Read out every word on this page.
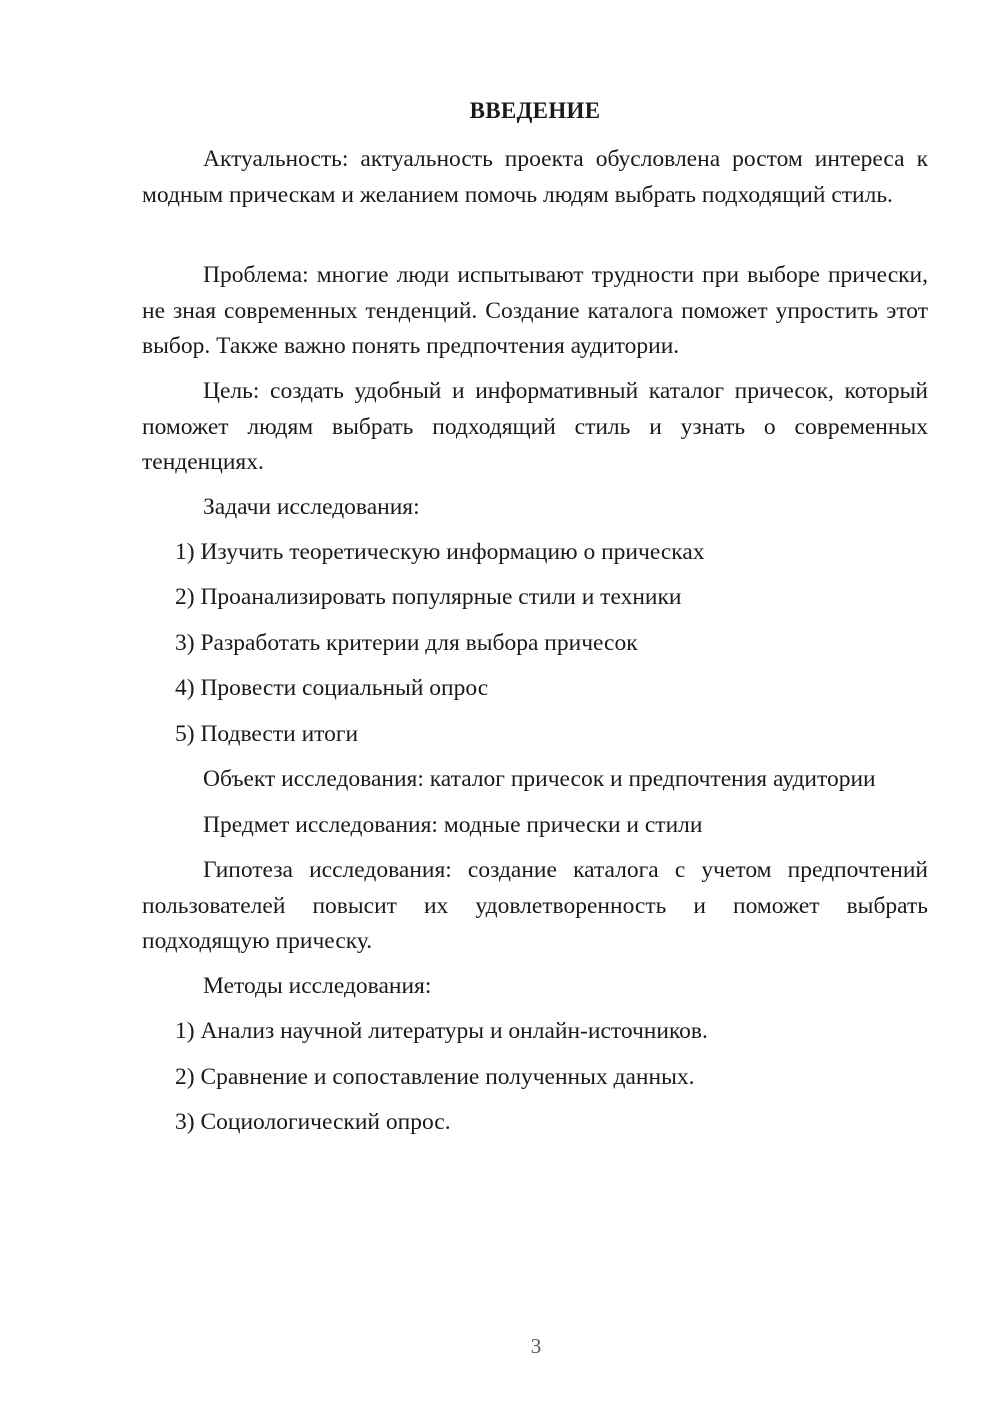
ВВЕДЕНИЕ

Актуальность: актуальность проекта обусловлена ростом интереса к модным прическам и желанием помочь людям выбрать подходящий стиль.

Проблема: многие люди испытывают трудности при выборе прически, не зная современных тенденций. Создание каталога поможет упростить этот выбор. Также важно понять предпочтения аудитории.

Цель: создать удобный и информативный каталог причесок, который поможет людям выбрать подходящий стиль и узнать о современных тенденциях.

Задачи исследования:

1) Изучить теоретическую информацию о прическах

2) Проанализировать популярные стили и техники

3) Разработать критерии для выбора причесок

4) Провести социальный опрос

5) Подвести итоги

Объект исследования: каталог причесок и предпочтения аудитории

Предмет исследования: модные прически и стили

Гипотеза исследования: создание каталога с учетом предпочтений пользователей повысит их удовлетворенность и поможет выбрать подходящую прическу.

Методы исследования:

1) Анализ научной литературы и онлайн-источников.

2) Сравнение и сопоставление полученных данных.

3) Социологический опрос.

3
